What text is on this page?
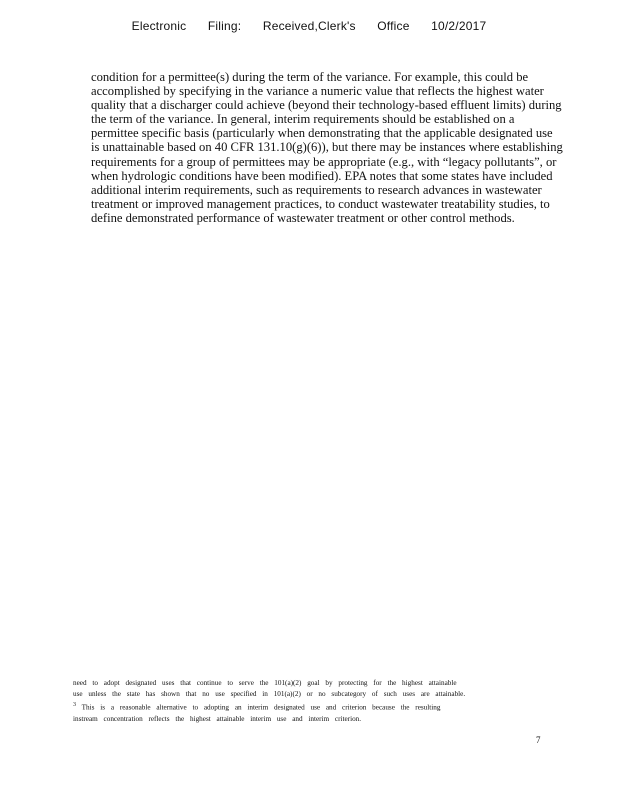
Electronic Filing: Received,Clerk's Office 10/2/2017
condition for a permittee(s) during the term of the variance. For example, this could be
accomplished by specifying in the variance a numeric value that reflects the highest water
quality that a discharger could achieve (beyond their technology-based effluent limits) during
the term of the variance. In general, interim requirements should be established on a
permittee specific basis (particularly when demonstrating that the applicable designated use
is unattainable based on 40 CFR 131.10(g)(6)), but there may be instances where establishing
requirements for a group of permittees may be appropriate (e.g., with “legacy pollutants”, or
when hydrologic conditions have been modified). EPA notes that some states have included
additional interim requirements, such as requirements to research advances in wastewater
treatment or improved management practices, to conduct wastewater treatability studies, to
define demonstrated performance of wastewater treatment or other control methods.
need to adopt designated uses that continue to serve the 101(a)(2) goal by protecting for the highest attainable
use unless the state has shown that no use specified in 101(a)(2) or no subcategory of such uses are attainable.
$^3$ This is a reasonable alternative to adopting an interim designated use and criterion because the resulting
instream concentration reflects the highest attainable interim use and interim criterion.
7
